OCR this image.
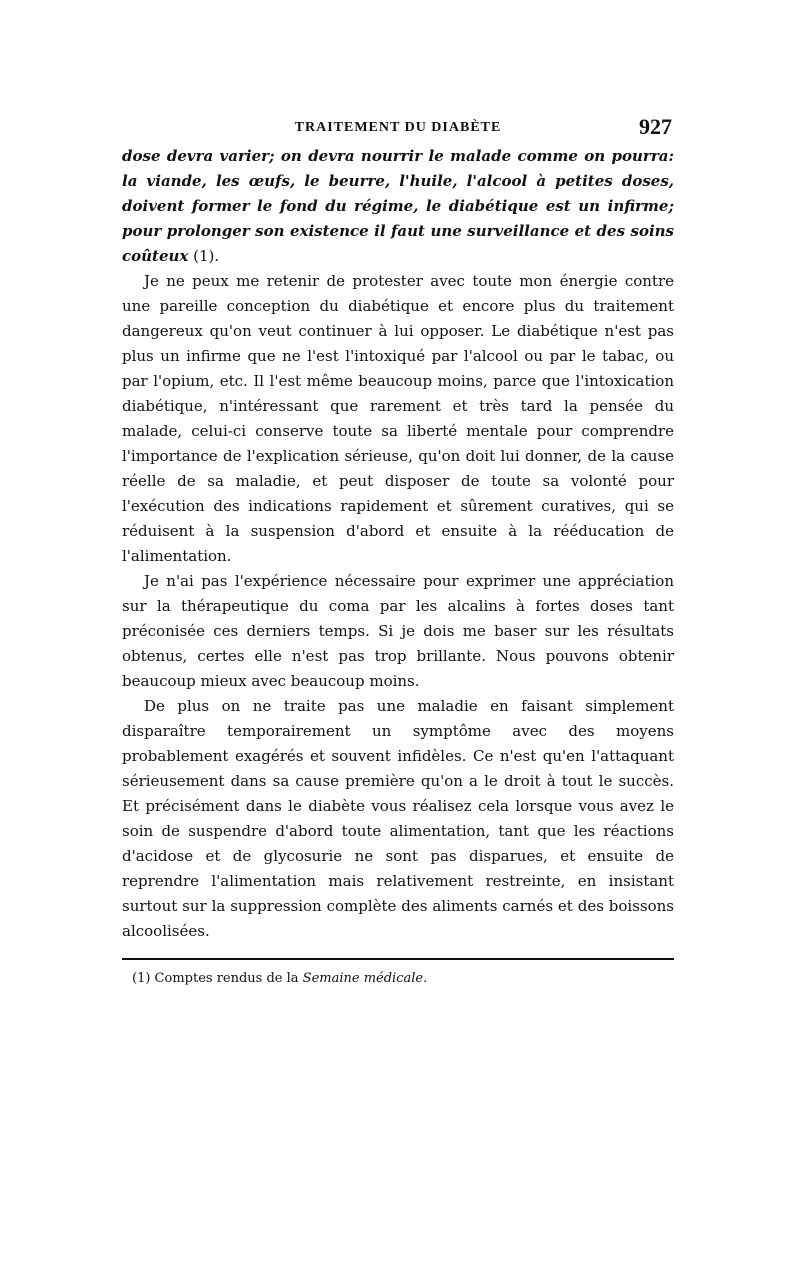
TRAITEMENT DU DIABÈTE	927

dose devra varier; on devra nourrir le malade comme on pourra: la viande, les œufs, le beurre, l'huile, l'alcool à petites doses, doivent former le fond du régime, le diabétique est un infirme; pour prolonger son existence il faut une surveillance et des soins coûteux (1).

Je ne peux me retenir de protester avec toute mon énergie contre une pareille conception du diabétique et encore plus du traitement dangereux qu'on veut continuer à lui opposer. Le diabétique n'est pas plus un infirme que ne l'est l'intoxiqué par l'alcool ou par le tabac, ou par l'opium, etc. Il l'est même beaucoup moins, parce que l'intoxication diabétique, n'intéressant que rarement et très tard la pensée du malade, celui-ci conserve toute sa liberté mentale pour comprendre l'importance de l'explication sérieuse, qu'on doit lui donner, de la cause réelle de sa maladie, et peut disposer de toute sa volonté pour l'exécution des indications rapidement et sûrement curatives, qui se réduisent à la suspension d'abord et ensuite à la rééducation de l'alimentation.

Je n'ai pas l'expérience nécessaire pour exprimer une appréciation sur la thérapeutique du coma par les alcalins à fortes doses tant préconisée ces derniers temps. Si je dois me baser sur les résultats obtenus, certes elle n'est pas trop brillante. Nous pouvons obtenir beaucoup mieux avec beaucoup moins.

De plus on ne traite pas une maladie en faisant simplement disparaître temporairement un symptôme avec des moyens probablement exagérés et souvent infidèles. Ce n'est qu'en l'attaquant sérieusement dans sa cause première qu'on a le droit à tout le succès. Et précisément dans le diabète vous réalisez cela lorsque vous avez le soin de suspendre d'abord toute alimentation, tant que les réactions d'acidose et de glycosurie ne sont pas disparues, et ensuite de reprendre l'alimentation mais relativement restreinte, en insistant surtout sur la suppression complète des aliments carnés et des boissons alcoolisées.

(1) Comptes rendus de la Semaine médicale.
